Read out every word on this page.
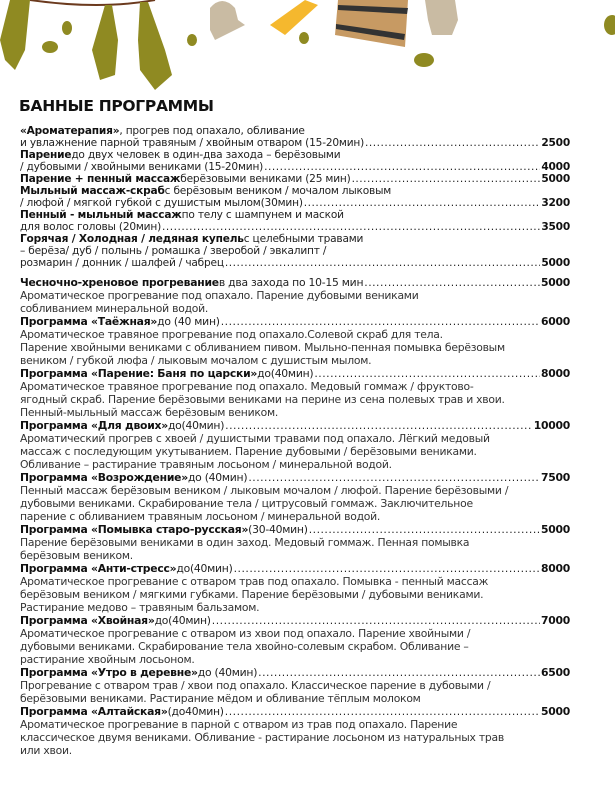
БАННЫЕ ПРОГРАММЫ
«Ароматерапия» , прогрев под опахало, обливание
и увлажнение парной травяным / хвойным отваром (15-20мин) .....	2500
Парение до двух человек в один-два захода – берёзовыми
/ дубовыми / хвойными вениками (15-20мин) .....	4000
Парение + пенный массаж берёзовыми вениками (25 мин) .....	5000
Мыльный массаж-скраб с берёзовым веником / мочалом лыковым
/ люфой / мягкой губкой с душистым мылом(30мин) .....	3200
Пенный - мыльный массаж по телу с шампунем и маской
для волос головы (20мин) .....	3500
Горячая / Холодная / ледяная купель с целебными травами
– берёза/ дуб / полынь / ромашка / зверобой / эвкалипт /
розмарин / донник / шалфей / чабрец .....	5000
Чесночно-хреновое прогревание в два захода по 10-15 мин .....	5000
Ароматическое прогревание под опахало. Парение дубовыми вениками
собливанием минеральной водой.
Программа «Таёжная» до (40 мин) .....	6000
Ароматическое травяное прогревание под опахало.Солевой скраб для тела.
Парение хвойными вениками с обливанием пивом. Мыльно-пенная помывка берёзовым
веником / губкой люфа / лыковым мочалом с душистым мылом.
Программа «Парение: Баня по царски» до(40мин) .....	8000
Ароматическое травяное прогревание под опахало. Медовый гоммаж / фруктово-
ягодный скраб. Парение берёзовыми вениками на перине из сена полевых трав и хвои.
Пенный-мыльный массаж берёзовым веником.
Программа «Для двоих» до(40мин) .....	10000
Ароматический прогрев с хвоей / душистыми травами под опахало. Лёгкий медовый
массаж с последующим укутыванием. Парение дубовыми / берёзовыми вениками.
Обливание – растирание травяным лосьоном / минеральной водой.
Программа «Возрождение» до (40мин) .....	7500
Пенный массаж берёзовым веником / лыковым мочалом / люфой. Парение берёзовыми /
дубовыми вениками. Скрабирование тела / цитрусовый гоммаж. Заключительное
парение с обливанием травяным лосьоном / минеральной водой.
Программа «Помывка старо-русская» (30-40мин) .....	5000
Парение берёзовыми вениками в один заход. Медовый гоммаж. Пенная помывка
берёзовым веником.
Программа «Анти-стресс» до(40мин) .....	8000
Ароматическое прогревание с отваром трав под опахало. Помывка - пенный массаж
берёзовым веником / мягкими губками. Парение берёзовыми / дубовыми вениками.
Растирание медово – травяным бальзамом.
Программа «Хвойная» до(40мин) .....	7000
Ароматическое прогревание с отваром из хвои под опахало. Парение хвойными /
дубовыми вениками. Скрабирование тела хвойно-солевым скрабом. Обливание –
растирание хвойным лосьоном.
Программа «Утро в деревне» до (40мин) .....	6500
Прогревание с отваром трав / хвои под опахало. Классическое парение в дубовыми /
берёзовыми вениками. Растирание мёдом и обливание тёплым молоком
Программа «Алтайская» (до40мин) .....	5000
Ароматическое прогревание в парной с отваром из трав под опахало. Парение
классическое двумя вениками. Обливание - растирание лосьоном из натуральных трав
или хвои.
